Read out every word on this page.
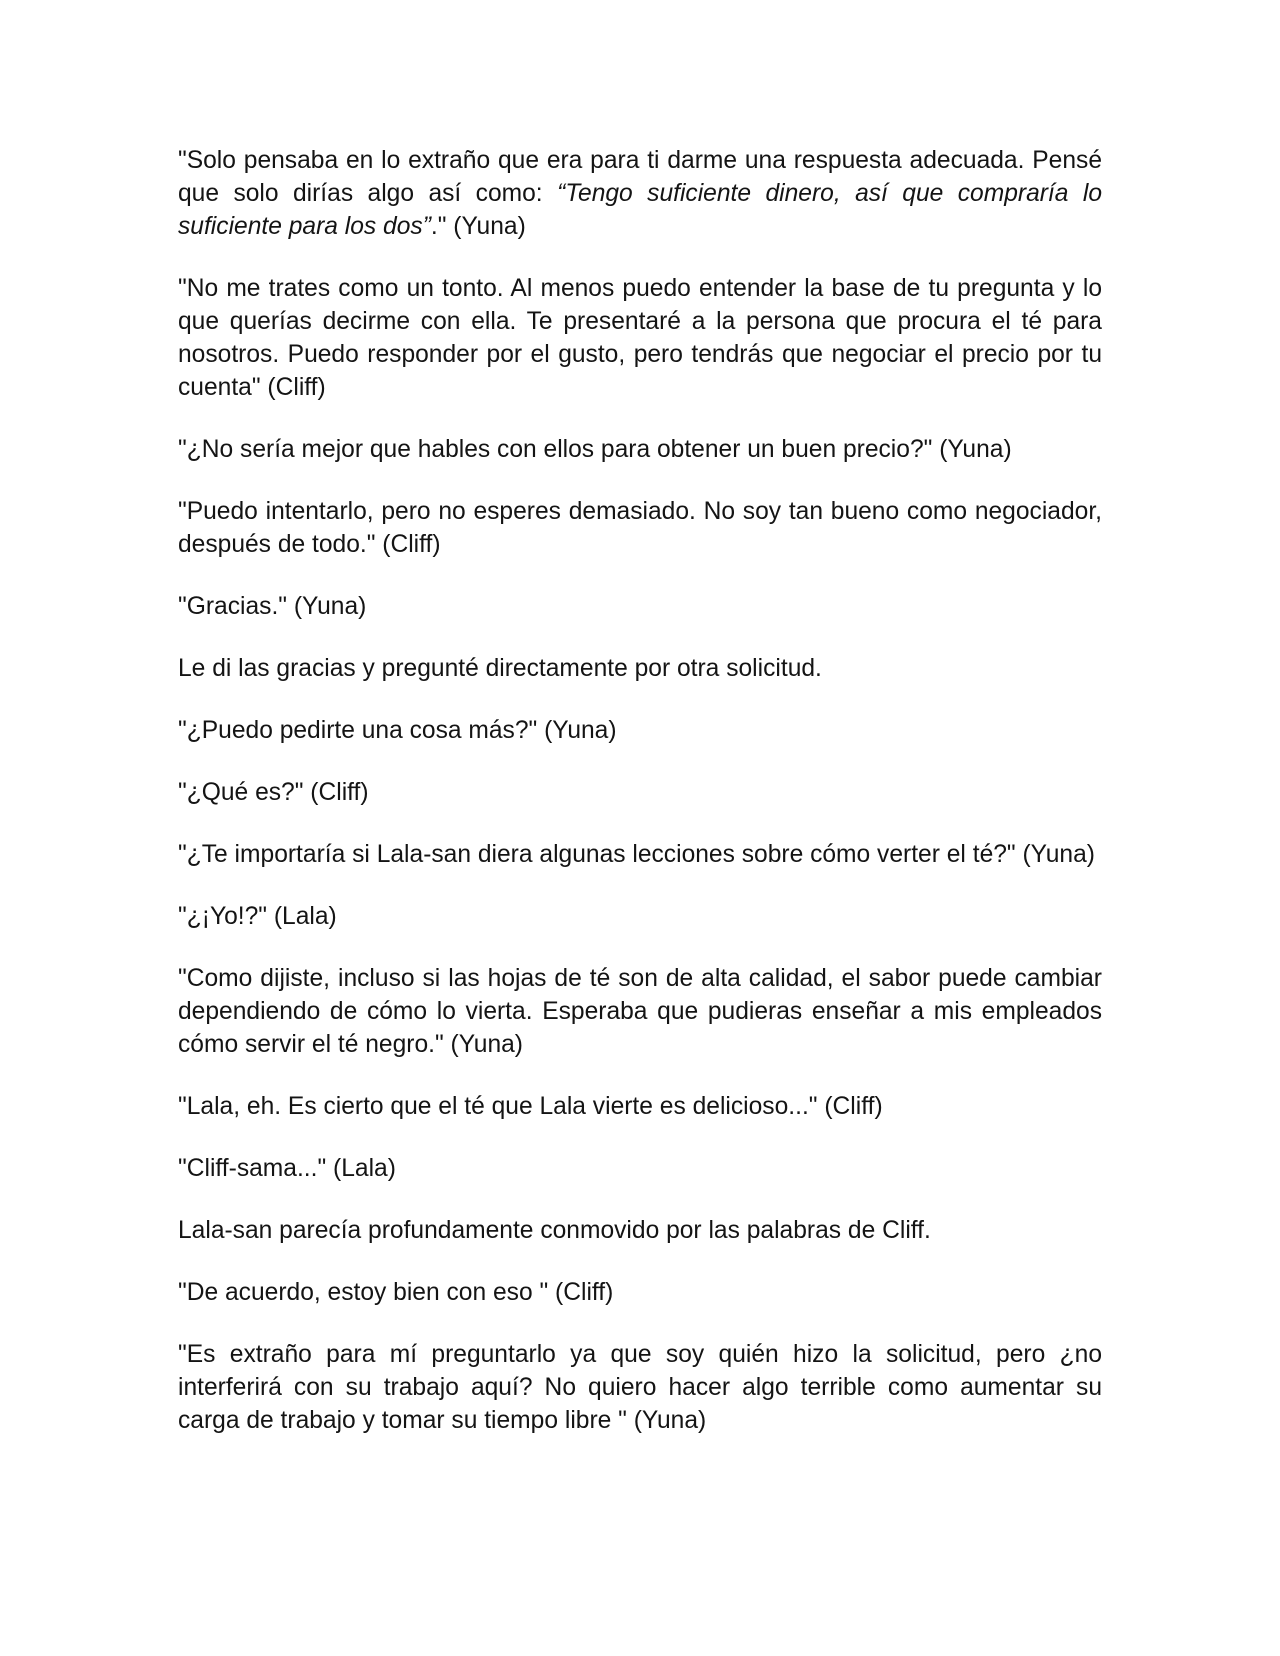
"Solo pensaba en lo extraño que era para ti darme una respuesta adecuada. Pensé que solo dirías algo así como: “Tengo suficiente dinero, así que compraría lo suficiente para los dos”." (Yuna)

"No me trates como un tonto. Al menos puedo entender la base de tu pregunta y lo que querías decirme con ella. Te presentaré a la persona que procura el té para nosotros. Puedo responder por el gusto, pero tendrás que negociar el precio por tu cuenta" (Cliff)

"¿No sería mejor que hables con ellos para obtener un buen precio?" (Yuna)

"Puedo intentarlo, pero no esperes demasiado. No soy tan bueno como negociador, después de todo." (Cliff)

"Gracias." (Yuna)

Le di las gracias y pregunté directamente por otra solicitud.

"¿Puedo pedirte una cosa más?" (Yuna)

"¿Qué es?" (Cliff)

"¿Te importaría si Lala-san diera algunas lecciones sobre cómo verter el té?" (Yuna)

"¿¡Yo!?" (Lala)

"Como dijiste, incluso si las hojas de té son de alta calidad, el sabor puede cambiar dependiendo de cómo lo vierta. Esperaba que pudieras enseñar a mis empleados cómo servir el té negro." (Yuna)

"Lala, eh. Es cierto que el té que Lala vierte es delicioso..." (Cliff)

"Cliff-sama..." (Lala)

Lala-san parecía profundamente conmovido por las palabras de Cliff.

"De acuerdo, estoy bien con eso " (Cliff)

"Es extraño para mí preguntarlo ya que soy quién hizo la solicitud, pero ¿no interferirá con su trabajo aquí? No quiero hacer algo terrible como aumentar su carga de trabajo y tomar su tiempo libre " (Yuna)
